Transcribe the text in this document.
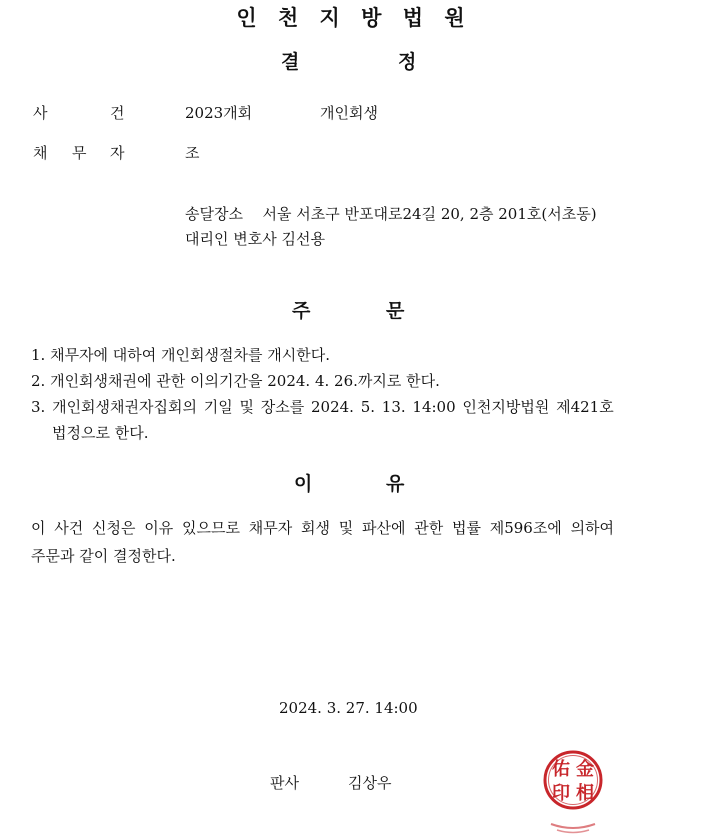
인 천 지 방 법 원
결	정
사	건	2023개회	개인회생
채 무 자	조
송달장소 서울 서초구 반포대로24길 20, 2층 201호(서초동)
대리인 변호사 김선용
주	문
1. 채무자에 대하여 개인회생절차를 개시한다.
2. 개인회생채권에 관한 이의기간을 2024. 4. 26.까지로 한다.
3. 개인회생채권자집회의 기일 및 장소를 2024. 5. 13. 14:00 인천지방법원 제421호
법정으로 한다.
이	유
이 사건 신청은 이유 있으므로 채무자 회생 및 파산에 관한 법률 제596조에 의하여
주문과 같이 결정한다.
2024. 3. 27. 14:00
판사	김상우
金
相
佑
印
